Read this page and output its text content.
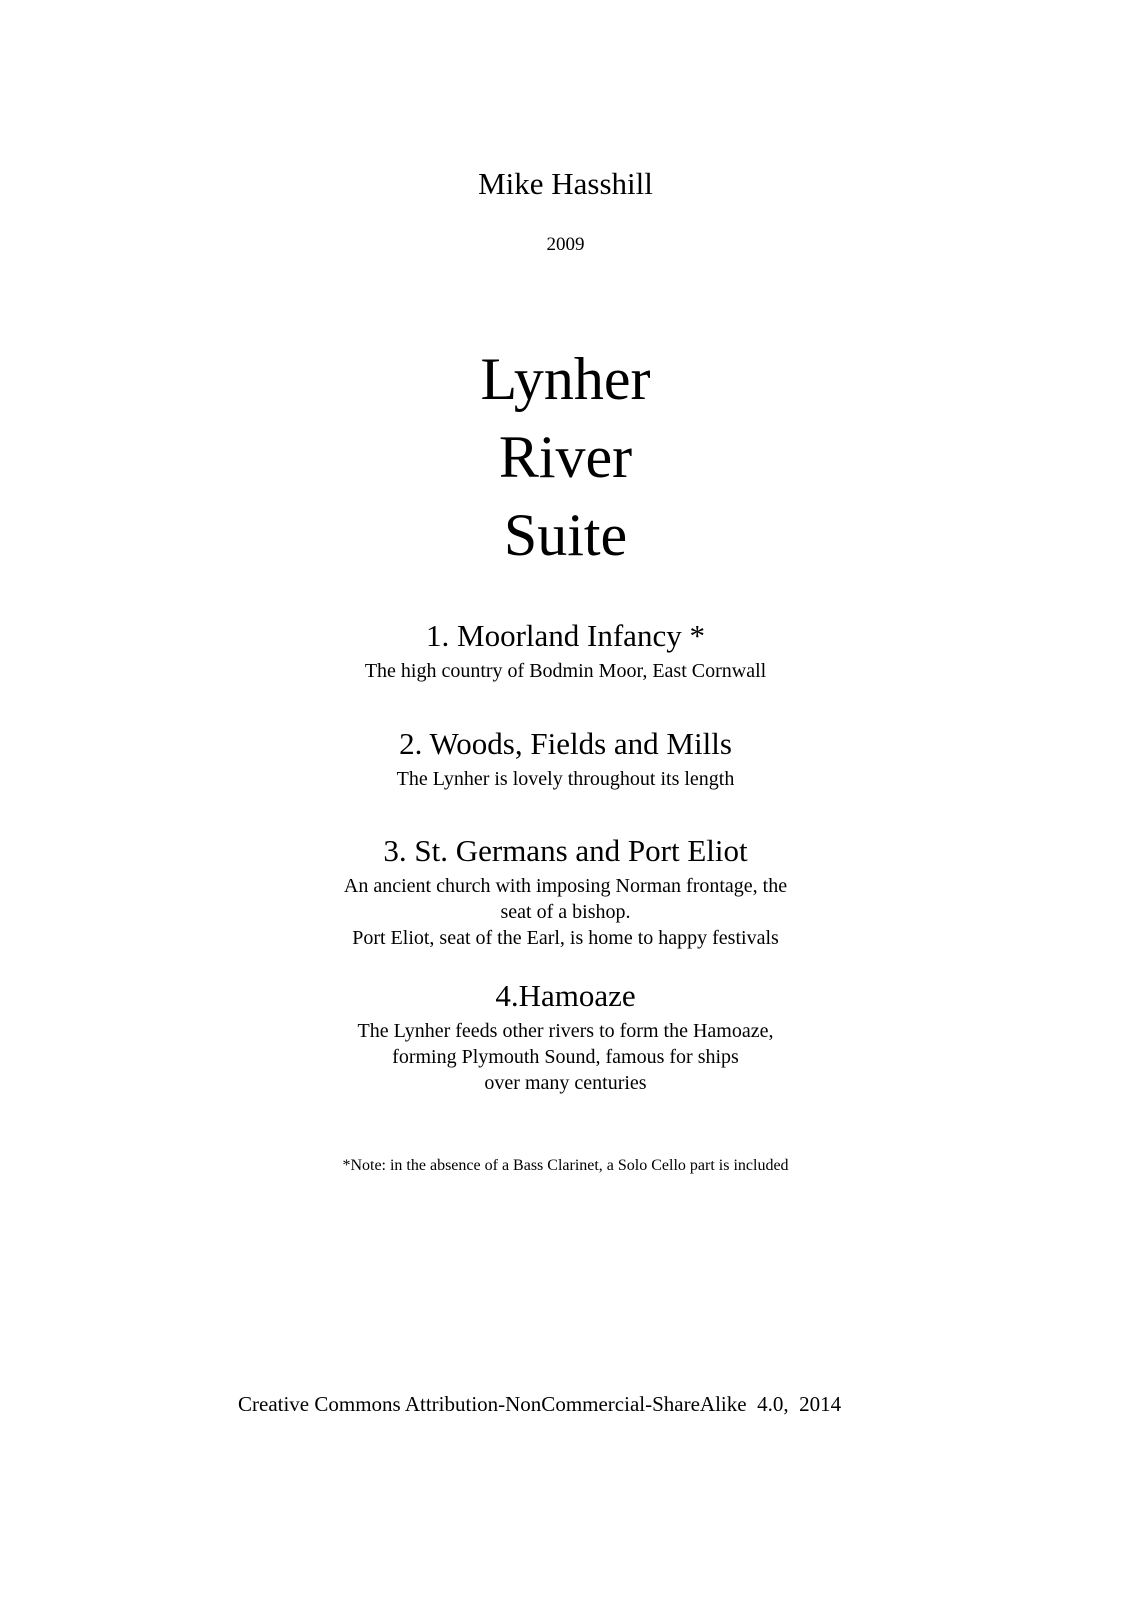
Mike Hasshill
2009
Lynher
River
Suite
1. Moorland Infancy *
The high country of Bodmin Moor, East Cornwall
2. Woods, Fields and Mills
The Lynher is lovely throughout its length
3. St. Germans and Port Eliot
An ancient church with imposing Norman frontage, the
seat of a bishop.
Port Eliot, seat of the Earl, is home to happy festivals
4.Hamoaze
The Lynher feeds other rivers to form the Hamoaze,
forming Plymouth Sound, famous for ships
over many centuries
*Note: in the absence of a Bass Clarinet, a Solo Cello part is included
Creative Commons Attribution-NonCommercial-ShareAlike  4.0,  2014
